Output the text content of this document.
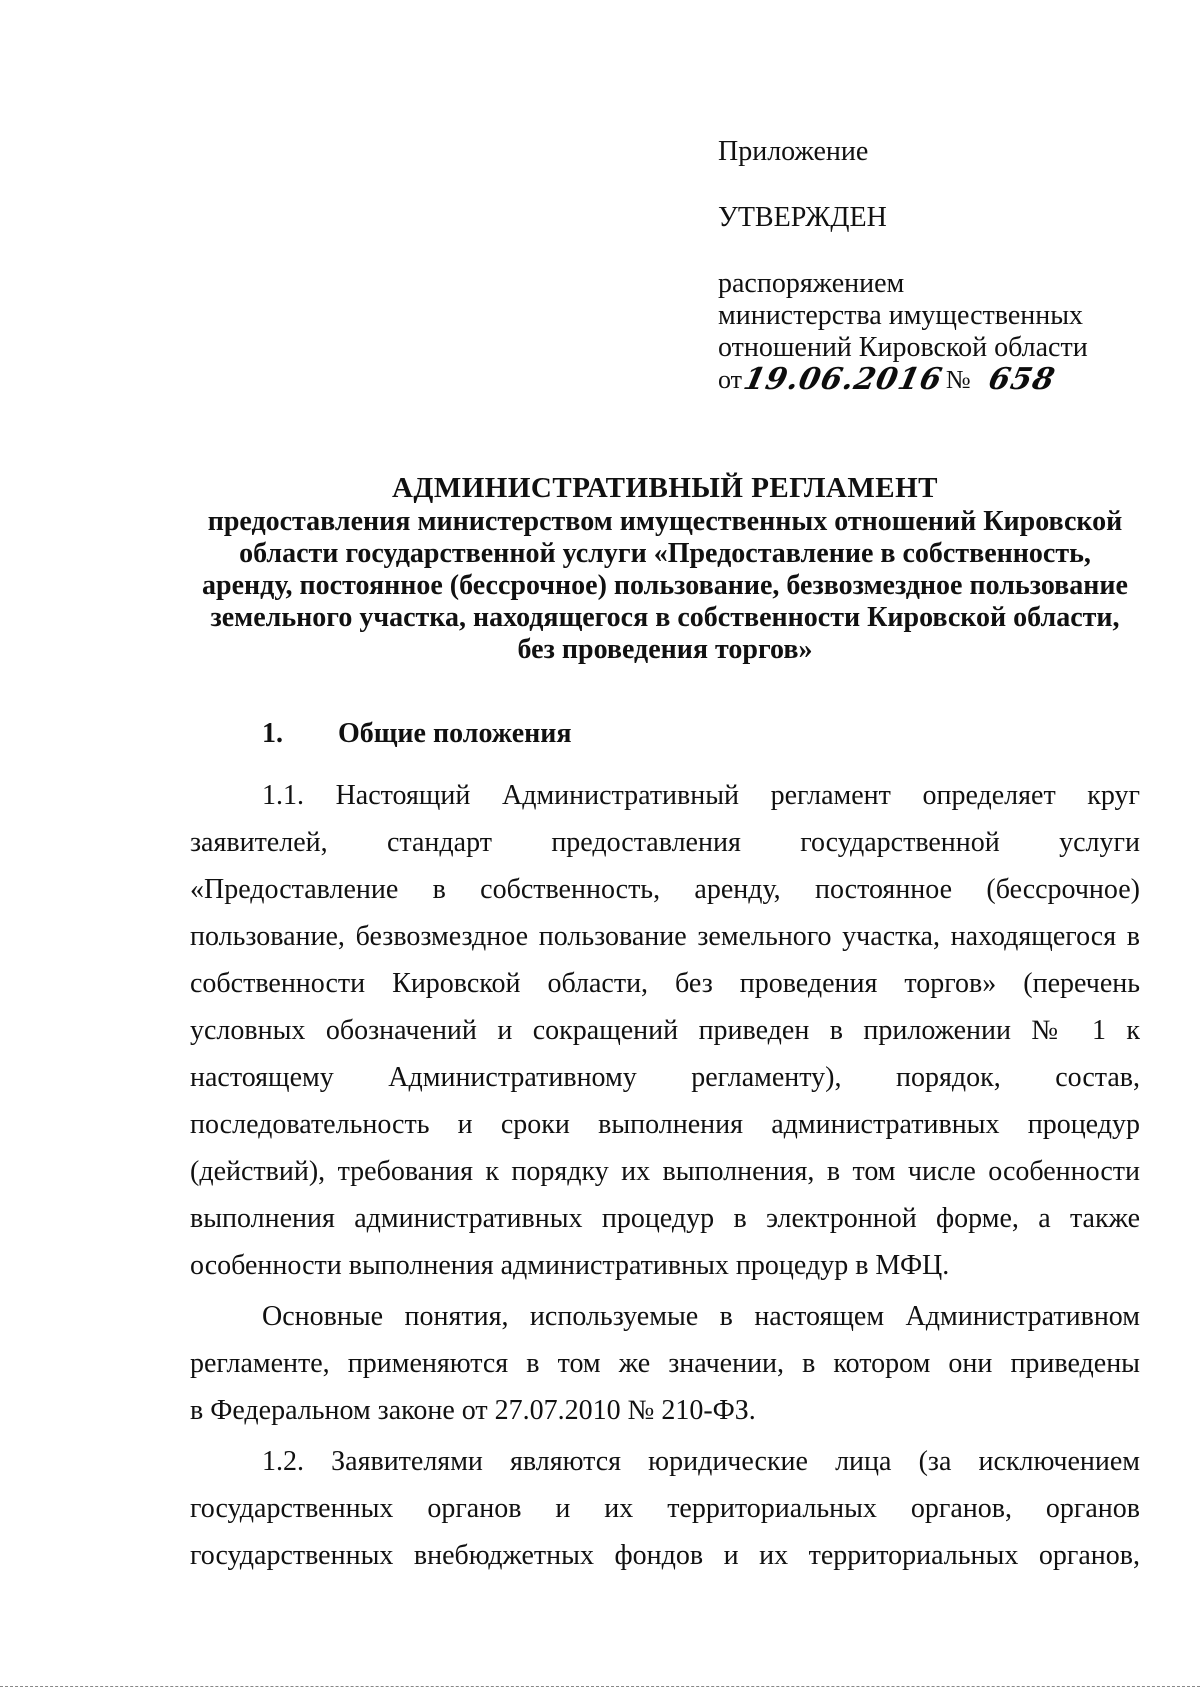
Приложение
УТВЕРЖДЕН
распоряжением
министерства имущественных
отношений Кировской области
от
19.06.2016 № 658
АДМИНИСТРАТИВНЫЙ РЕГЛАМЕНТ
предоставления министерством имущественных отношений Кировской
области государственной услуги «Предоставление в собственность,
аренду, постоянное (бессрочное) пользование, безвозмездное пользование
земельного участка, находящегося в собственности Кировской области,
без проведения торгов»
1. Общие положения
1.1. Настоящий Административный регламент определяет круг
заявителей, стандарт предоставления государственной услуги
«Предоставление в собственность, аренду, постоянное (бессрочное)
пользование, безвозмездное пользование земельного участка, находящегося в
собственности Кировской области, без проведения торгов» (перечень
условных обозначений и сокращений приведен в приложении № 1 к
настоящему Административному регламенту), порядок, состав,
последовательность и сроки выполнения административных процедур
(действий), требования к порядку их выполнения, в том числе особенности
выполнения административных процедур в электронной форме, а также
особенности выполнения административных процедур в МФЦ.
Основные понятия, используемые в настоящем Административном
регламенте, применяются в том же значении, в котором они приведены
в Федеральном законе от 27.07.2010 № 210-ФЗ.
1.2. Заявителями являются юридические лица (за исключением
государственных органов и их территориальных органов, органов
государственных внебюджетных фондов и их территориальных органов,
